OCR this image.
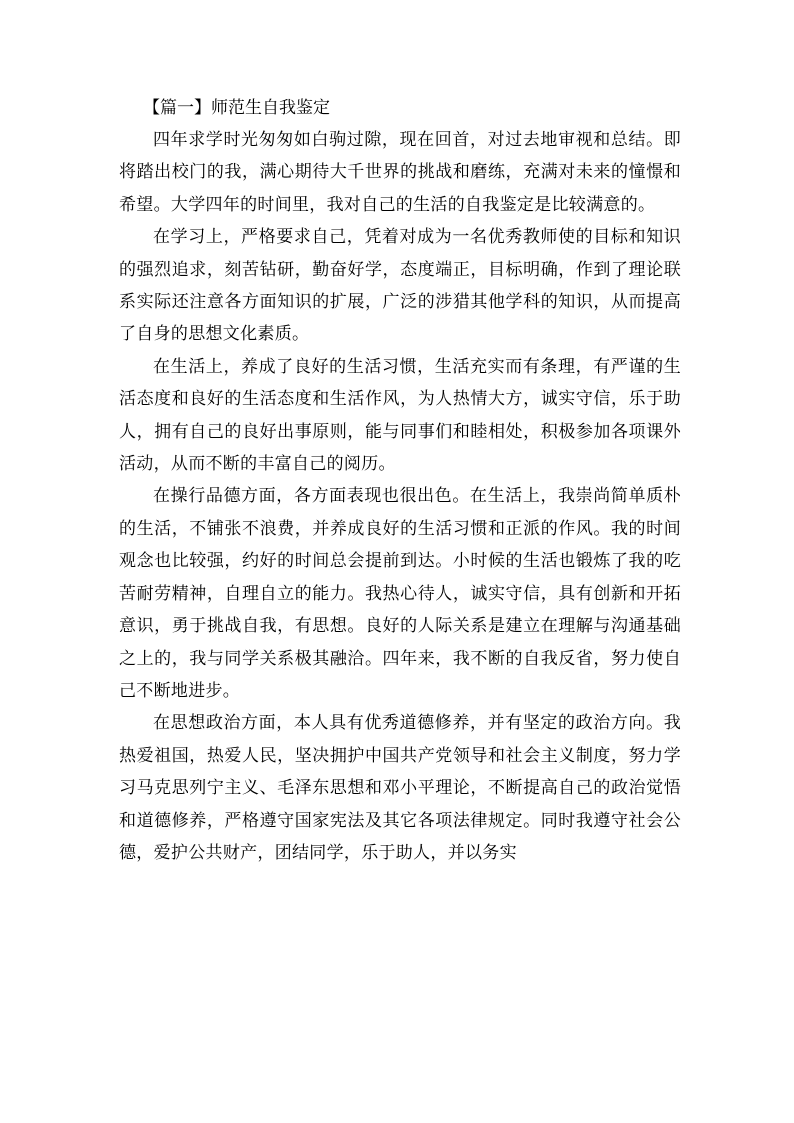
【篇一】师范生自我鉴定

四年求学时光匆匆如白驹过隙，现在回首，对过去地审视和总结。即将踏出校门的我，满心期待大千世界的挑战和磨练，充满对未来的憧憬和希望。大学四年的时间里，我对自己的生活的自我鉴定是比较满意的。

在学习上，严格要求自己，凭着对成为一名优秀教师使的目标和知识的强烈追求，刻苦钻研，勤奋好学，态度端正，目标明确，作到了理论联系实际还注意各方面知识的扩展，广泛的涉猎其他学科的知识，从而提高了自身的思想文化素质。

在生活上，养成了良好的生活习惯，生活充实而有条理，有严谨的生活态度和良好的生活态度和生活作风，为人热情大方，诚实守信，乐于助人，拥有自己的良好出事原则，能与同事们和睦相处，积极参加各项课外活动，从而不断的丰富自己的阅历。

在操行品德方面，各方面表现也很出色。在生活上，我崇尚简单质朴的生活，不铺张不浪费，并养成良好的生活习惯和正派的作风。我的时间观念也比较强，约好的时间总会提前到达。小时候的生活也锻炼了我的吃苦耐劳精神，自理自立的能力。我热心待人，诚实守信，具有创新和开拓意识，勇于挑战自我，有思想。良好的人际关系是建立在理解与沟通基础之上的，我与同学关系极其融洽。四年来，我不断的自我反省，努力使自己不断地进步。

在思想政治方面，本人具有优秀道德修养，并有坚定的政治方向。我热爱祖国，热爱人民，坚决拥护中国共产党领导和社会主义制度，努力学习马克思列宁主义、毛泽东思想和邓小平理论，不断提高自己的政治觉悟和道德修养，严格遵守国家宪法及其它各项法律规定。同时我遵守社会公德，爱护公共财产，团结同学，乐于助人，并以务实
